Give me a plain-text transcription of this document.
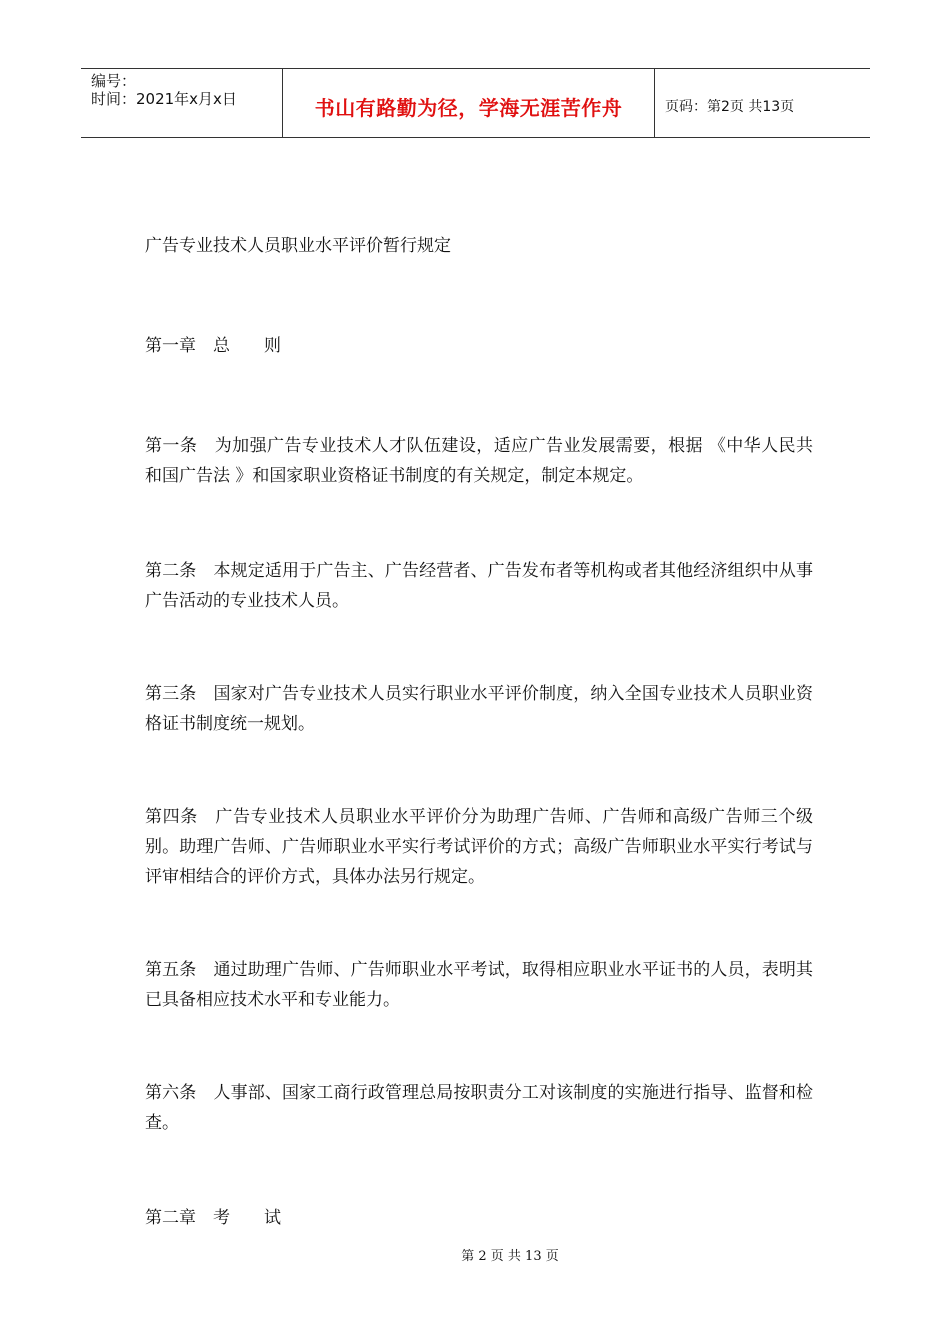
编号：
时间：2021年x月x日	书山有路勤为径，学海无涯苦作舟	页码：第2页 共13页
广告专业技术人员职业水平评价暂行规定
第一章　总　　则
第一条　为加强广告专业技术人才队伍建设，适应广告业发展需要，根据 《中华人民共和国广告法 》和国家职业资格证书制度的有关规定，制定本规定。
第二条　本规定适用于广告主、广告经营者、广告发布者等机构或者其他经济组织中从事广告活动的专业技术人员。
第三条　国家对广告专业技术人员实行职业水平评价制度，纳入全国专业技术人员职业资格证书制度统一规划。
第四条　广告专业技术人员职业水平评价分为助理广告师、广告师和高级广告师三个级别。助理广告师、广告师职业水平实行考试评价的方式；高级广告师职业水平实行考试与评审相结合的评价方式，具体办法另行规定。
第五条　通过助理广告师、广告师职业水平考试，取得相应职业水平证书的人员，表明其已具备相应技术水平和专业能力。
第六条　人事部、国家工商行政管理总局按职责分工对该制度的实施进行指导、监督和检查。
第二章　考　　试
第 2 页 共 13 页
